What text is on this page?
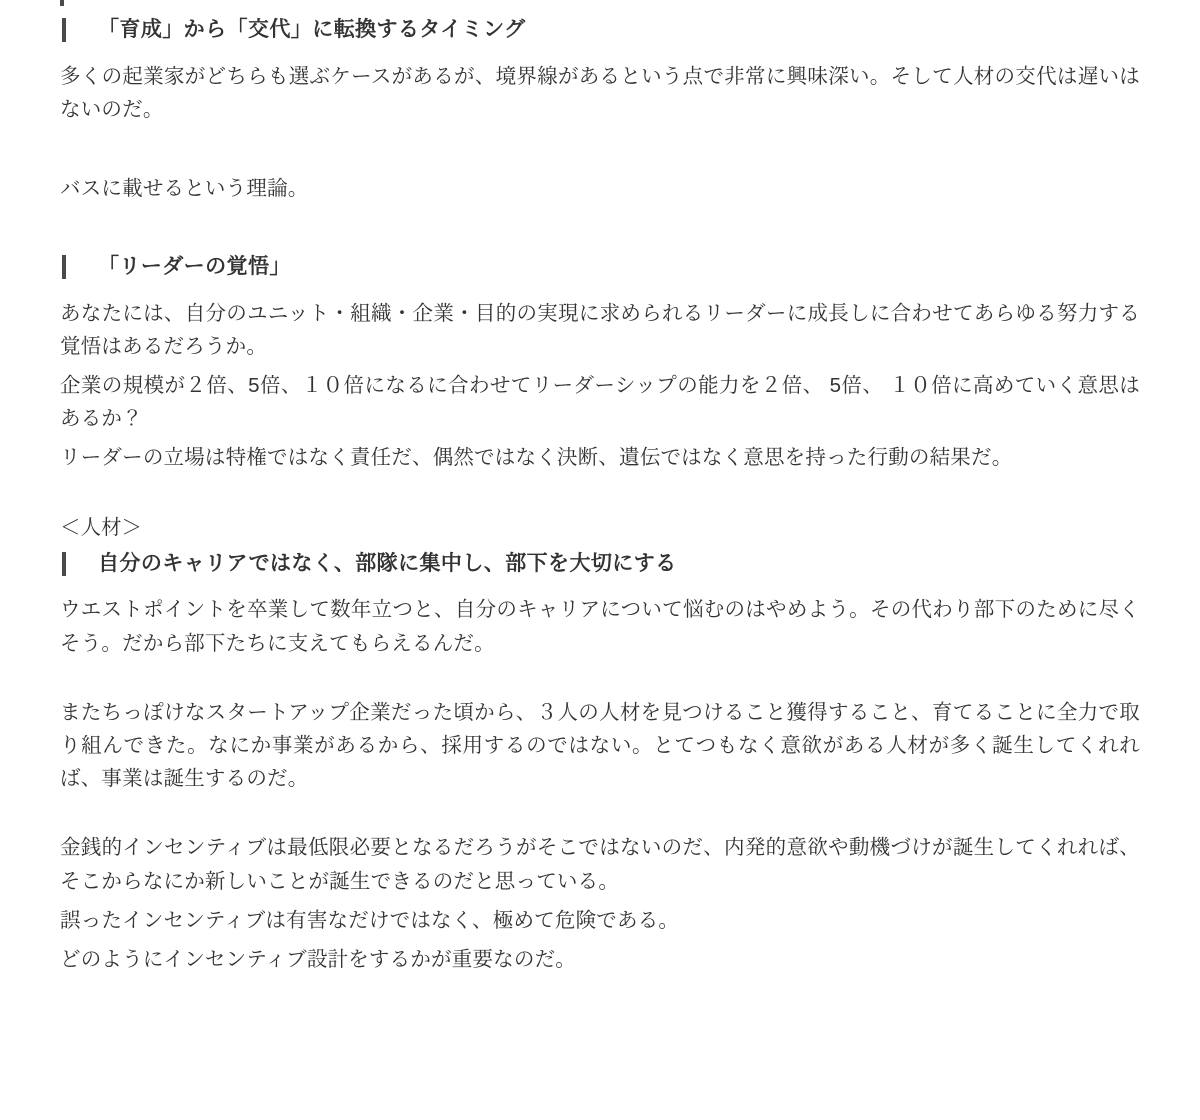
「育成」から「交代」に転換するタイミング

多くの起業家がどちらも選ぶケースがあるが、境界線があるという点で非常に興味深い。そして人材の交代は遅いはないのだ。

バスに載せるという理論。

「リーダーの覚悟」

あなたには、自分のユニット・組織・企業・目的の実現に求められるリーダーに成長しに合わせてあらゆる努力する覚悟はあるだろうか。

企業の規模が２倍、5倍、１０倍になるに合わせてリーダーシップの能力を２倍、 5倍、 １０倍に高めていく意思はあるか？

リーダーの立場は特権ではなく責任だ、偶然ではなく決断、遺伝ではなく意思を持った行動の結果だ。

＜人材＞

自分のキャリアではなく、部隊に集中し、部下を大切にする

ウエストポイントを卒業して数年立つと、自分のキャリアについて悩むのはやめよう。その代わり部下のために尽くそう。だから部下たちに支えてもらえるんだ。

またちっぽけなスタートアップ企業だった頃から、３人の人材を見つけること獲得すること、育てることに全力で取り組んできた。なにか事業があるから、採用するのではない。とてつもなく意欲がある人材が多く誕生してくれれば、事業は誕生するのだ。

金銭的インセンティブは最低限必要となるだろうがそこではないのだ、内発的意欲や動機づけが誕生してくれれば、そこからなにか新しいことが誕生できるのだと思っている。

誤ったインセンティブは有害なだけではなく、極めて危険である。

どのようにインセンティブ設計をするかが重要なのだ。
